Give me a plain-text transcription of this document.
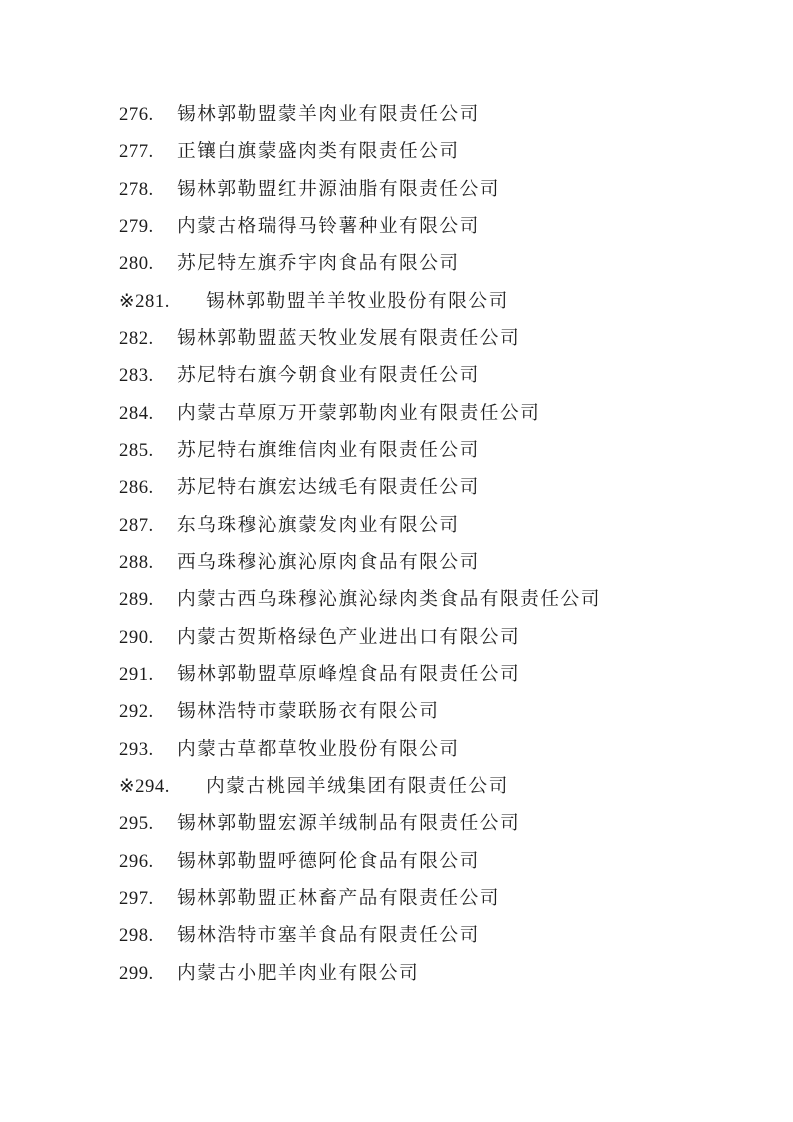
276. 锡林郭勒盟蒙羊肉业有限责任公司
277. 正镶白旗蒙盛肉类有限责任公司
278. 锡林郭勒盟红井源油脂有限责任公司
279. 内蒙古格瑞得马铃薯种业有限公司
280. 苏尼特左旗乔宇肉食品有限公司
※281. 锡林郭勒盟羊羊牧业股份有限公司
282. 锡林郭勒盟蓝天牧业发展有限责任公司
283. 苏尼特右旗今朝食业有限责任公司
284. 内蒙古草原万开蒙郭勒肉业有限责任公司
285. 苏尼特右旗维信肉业有限责任公司
286. 苏尼特右旗宏达绒毛有限责任公司
287. 东乌珠穆沁旗蒙发肉业有限公司
288. 西乌珠穆沁旗沁原肉食品有限公司
289. 内蒙古西乌珠穆沁旗沁绿肉类食品有限责任公司
290. 内蒙古贺斯格绿色产业进出口有限公司
291. 锡林郭勒盟草原峰煌食品有限责任公司
292. 锡林浩特市蒙联肠衣有限公司
293. 内蒙古草都草牧业股份有限公司
※294. 内蒙古桃园羊绒集团有限责任公司
295. 锡林郭勒盟宏源羊绒制品有限责任公司
296. 锡林郭勒盟呼德阿伦食品有限公司
297. 锡林郭勒盟正林畜产品有限责任公司
298. 锡林浩特市塞羊食品有限责任公司
299. 内蒙古小肥羊肉业有限公司
